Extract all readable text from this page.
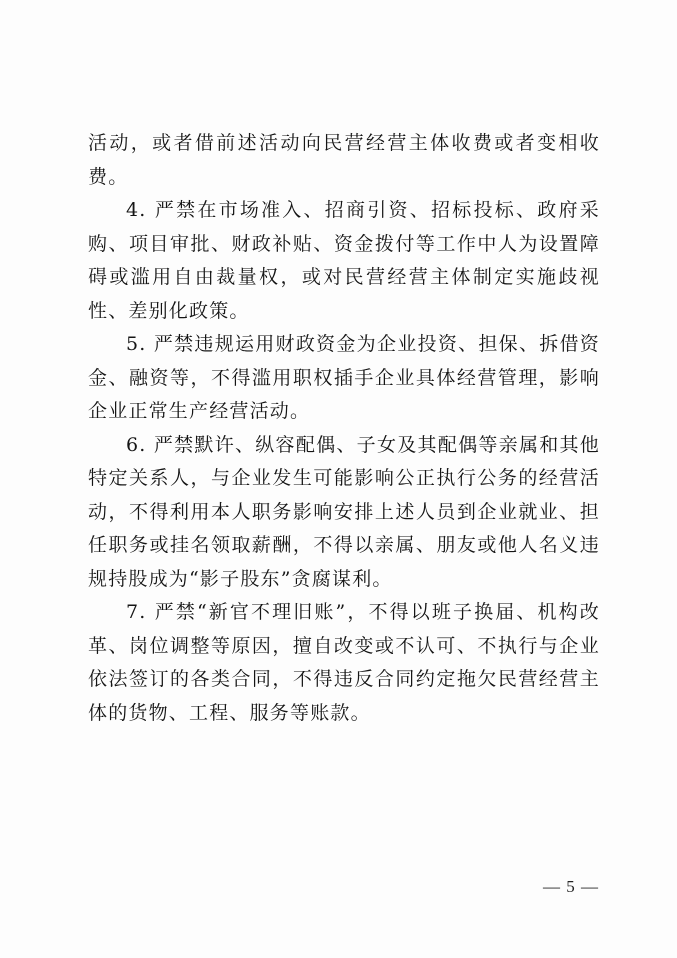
活动，或者借前述活动向民营经营主体收费或者变相收费。

4. 严禁在市场准入、招商引资、招标投标、政府采购、项目审批、财政补贴、资金拨付等工作中人为设置障碍或滥用自由裁量权，或对民营经营主体制定实施歧视性、差别化政策。

5. 严禁违规运用财政资金为企业投资、担保、拆借资金、融资等，不得滥用职权插手企业具体经营管理，影响企业正常生产经营活动。

6. 严禁默许、纵容配偶、子女及其配偶等亲属和其他特定关系人，与企业发生可能影响公正执行公务的经营活动，不得利用本人职务影响安排上述人员到企业就业、担任职务或挂名领取薪酬，不得以亲属、朋友或他人名义违规持股成为“影子股东”贪腐谋利。

7. 严禁“新官不理旧账”，不得以班子换届、机构改革、岗位调整等原因，擅自改变或不认可、不执行与企业依法签订的各类合同，不得违反合同约定拖欠民营经营主体的货物、工程、服务等账款。

— 5 —
